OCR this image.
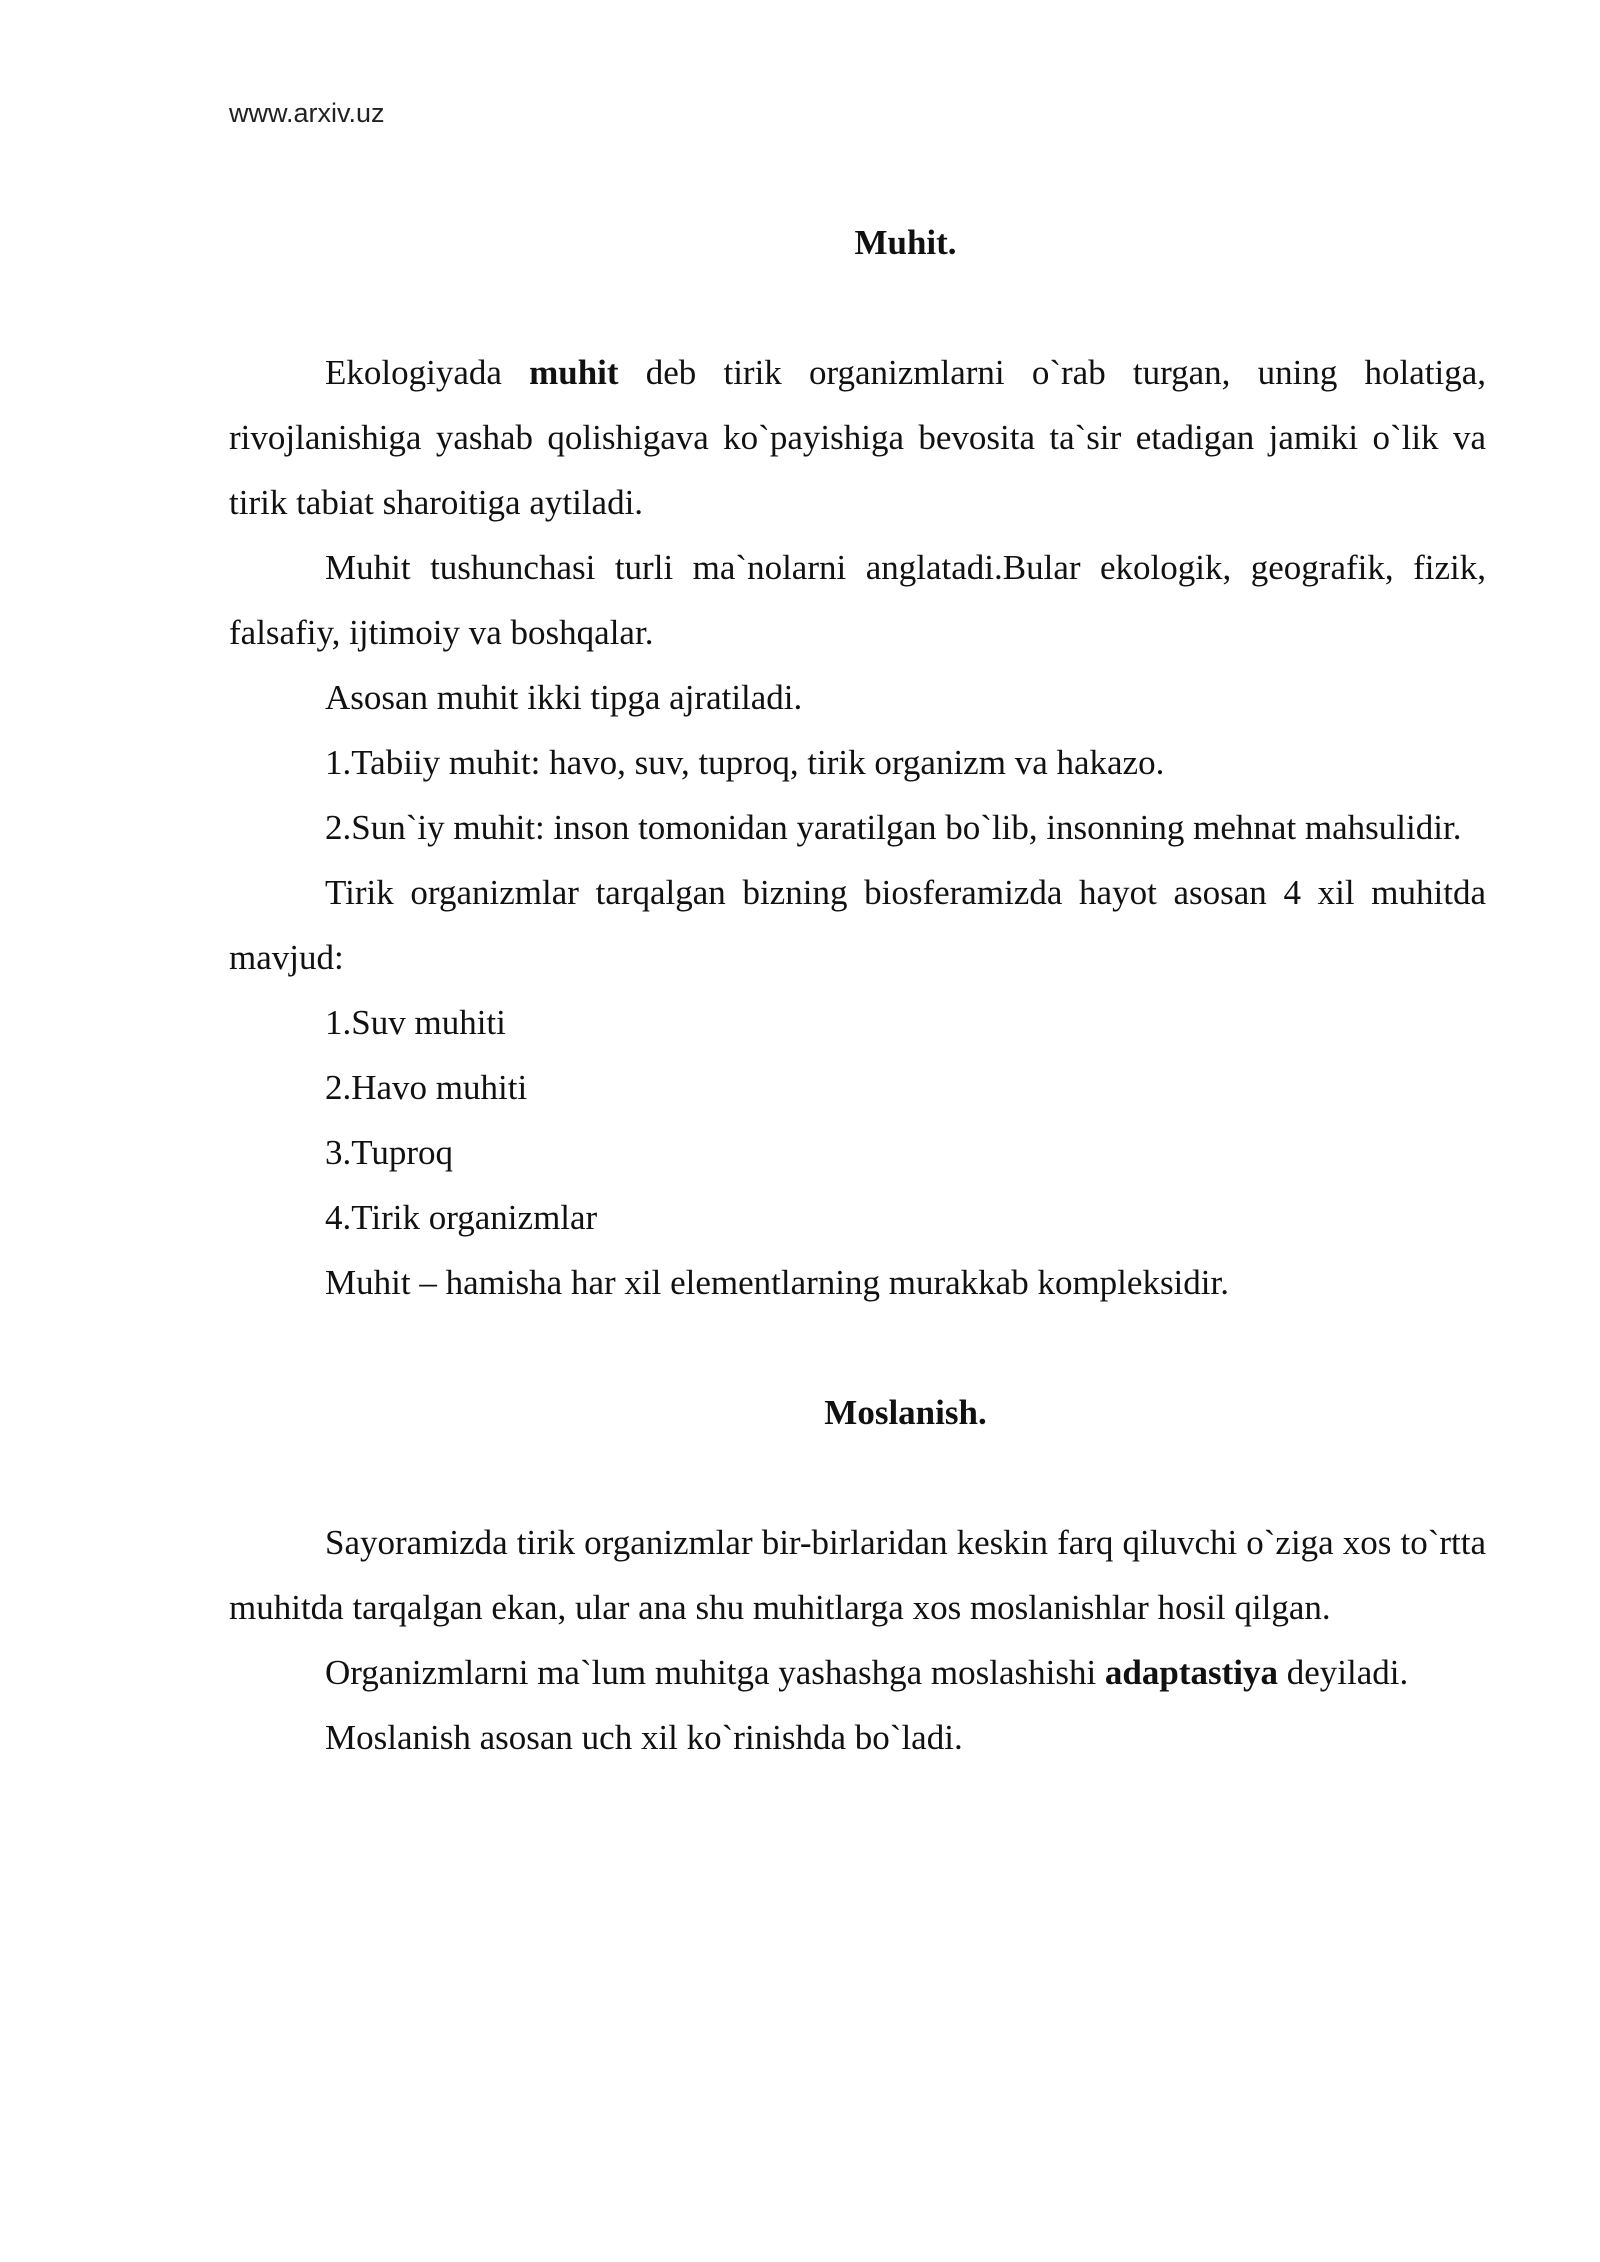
www.arxiv.uz
Muhit.

Ekologiyada muhit deb tirik organizmlarni o`rab turgan, uning holatiga, rivojlanishiga yashab qolishigava ko`payishiga bevosita ta`sir etadigan jamiki o`lik va tirik tabiat sharoitiga aytiladi.

Muhit tushunchasi turli ma`nolarni anglatadi.Bular ekologik, geografik, fizik, falsafiy, ijtimoiy va boshqalar.

Asosan muhit ikki tipga ajratiladi.

1.Tabiiy muhit: havo, suv, tuproq, tirik organizm va hakazo.

2.Sun`iy muhit: inson tomonidan yaratilgan bo`lib, insonning mehnat mahsulidir.

Tirik organizmlar tarqalgan bizning biosferamizda hayot asosan 4 xil muhitda mavjud:

1.Suv muhiti

2.Havo muhiti

3.Tuproq

4.Tirik organizmlar

Muhit – hamisha har xil elementlarning murakkab kompleksidir.

Moslanish.

Sayoramizda tirik organizmlar bir-birlaridan keskin farq qiluvchi o`ziga xos to`rtta muhitda tarqalgan ekan, ular ana shu muhitlarga xos moslanishlar hosil qilgan.

Organizmlarni ma`lum muhitga yashashga moslashishi adaptastiya deyiladi.

Moslanish asosan uch xil ko`rinishda bo`ladi.
